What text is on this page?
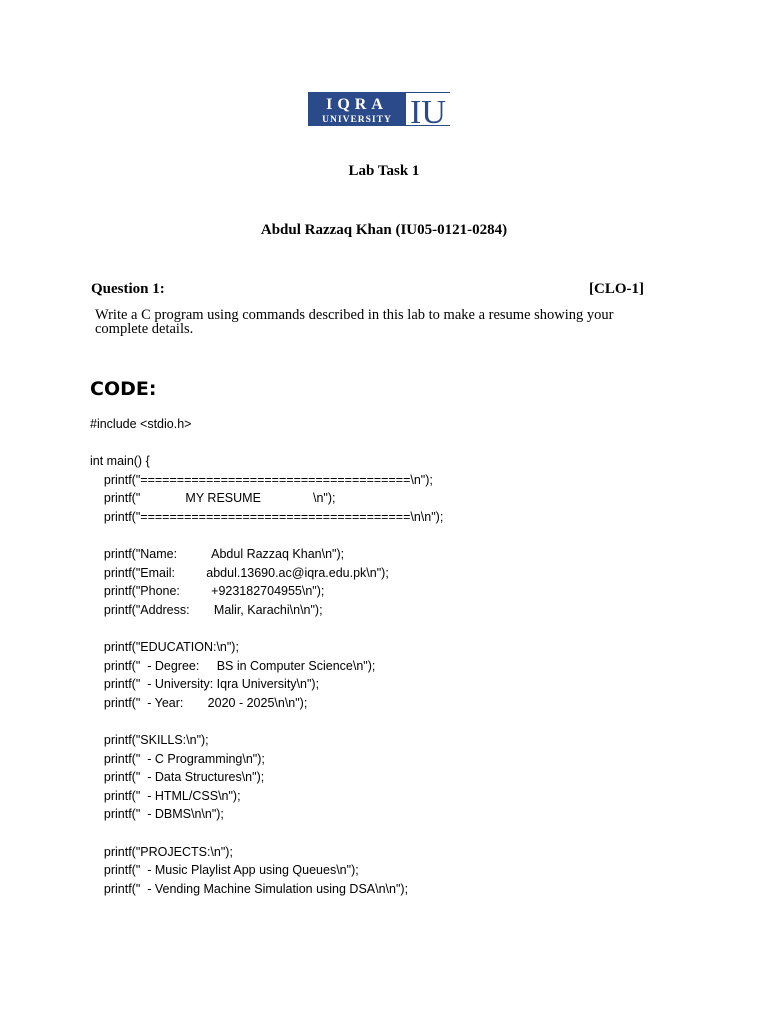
IQRA
UNIVERSITY IU
Lab Task 1
Abdul Razzaq Khan (IU05-0121-0284)
Question 1:	[CLO-1]
Write a C program using commands described in this lab to make a resume showing your complete details.
CODE:
#include <stdio.h>
int main() {
printf("=====================================\n");
printf("             MY RESUME               \n");
printf("=====================================\n\n");
printf("Name:          Abdul Razzaq Khan\n");
printf("Email:         abdul.13690.ac@iqra.edu.pk\n");
printf("Phone:         +923182704955\n");
printf("Address:       Malir, Karachi\n\n");
printf("EDUCATION:\n");
printf("  - Degree:     BS in Computer Science\n");
printf("  - University: Iqra University\n");
printf("  - Year:       2020 - 2025\n\n");
printf("SKILLS:\n");
printf("  - C Programming\n");
printf("  - Data Structures\n");
printf("  - HTML/CSS\n");
printf("  - DBMS\n\n");
printf("PROJECTS:\n");
printf("  - Music Playlist App using Queues\n");
printf("  - Vending Machine Simulation using DSA\n\n");
